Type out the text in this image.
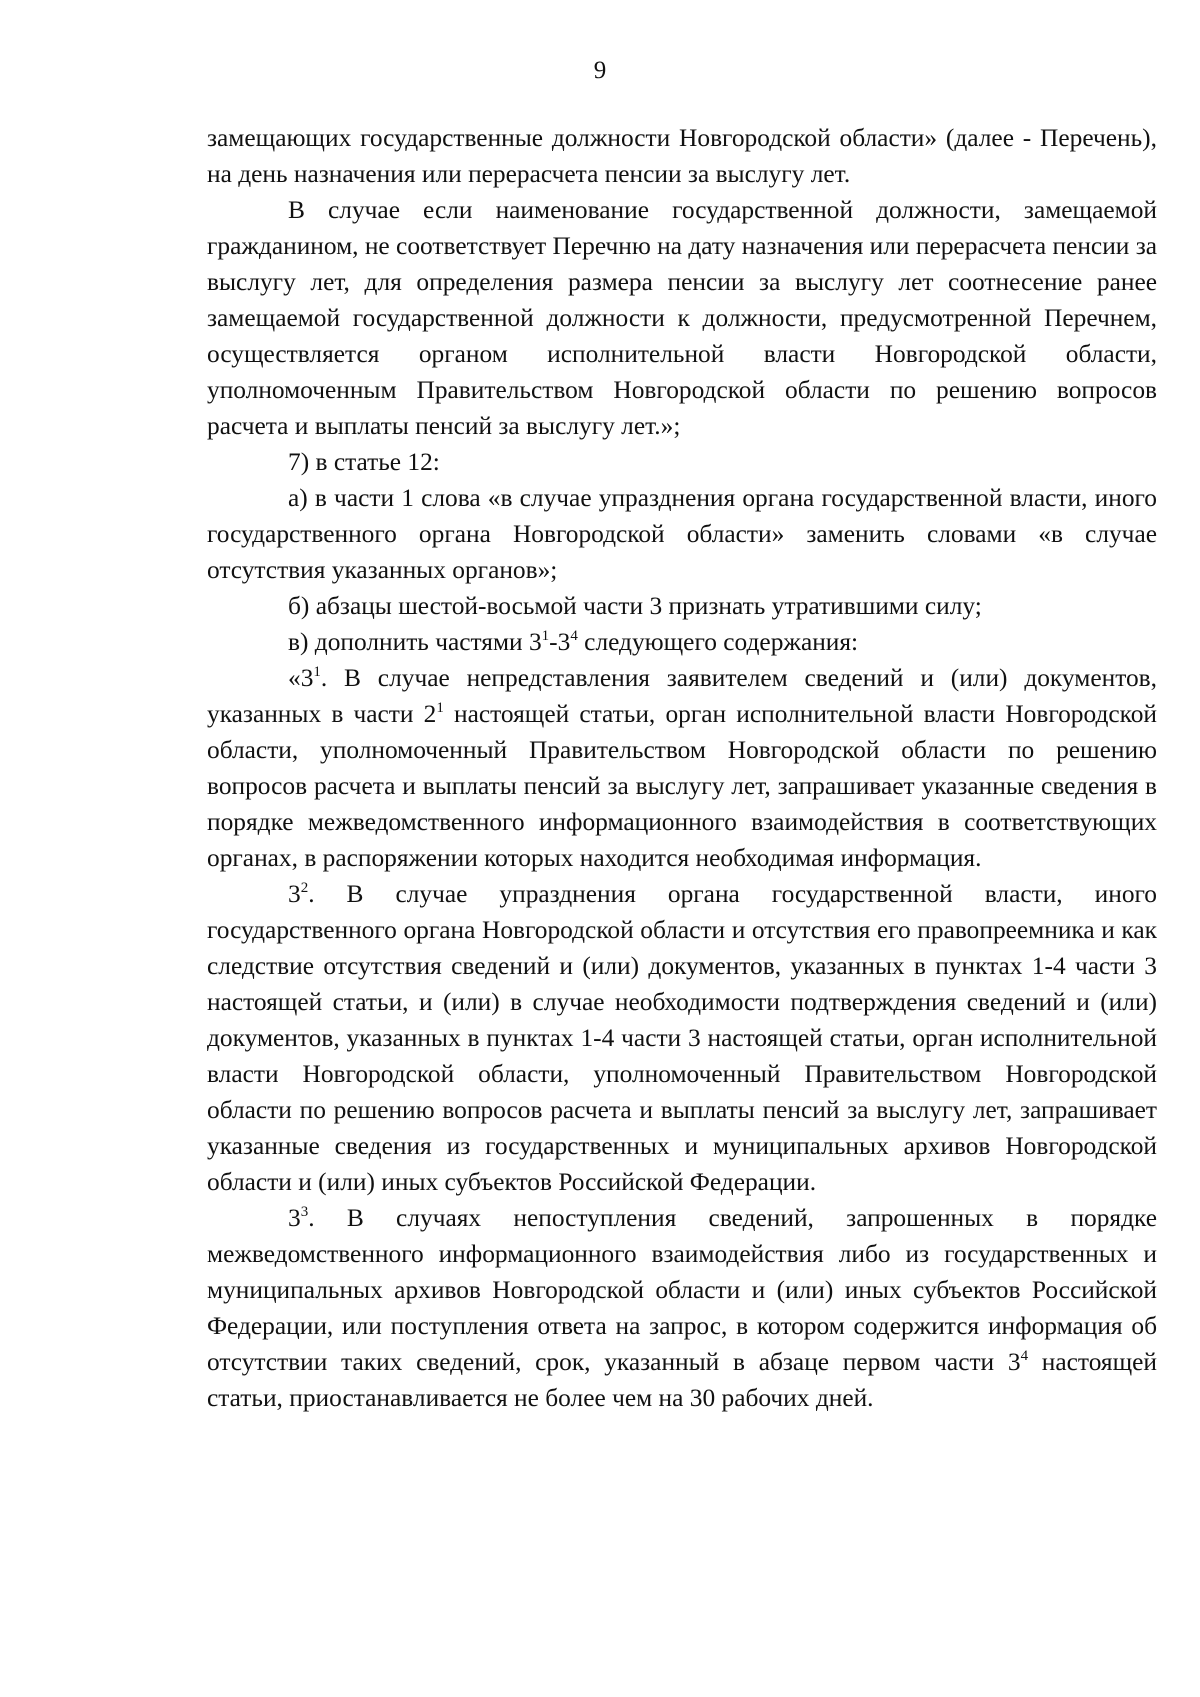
9

замещающих государственные должности Новгородской области» (далее - Перечень), на день назначения или перерасчета пенсии за выслугу лет.

В случае если наименование государственной должности, замещаемой гражданином, не соответствует Перечню на дату назначения или перерасчета пенсии за выслугу лет, для определения размера пенсии за выслугу лет соотнесение ранее замещаемой государственной должности к должности, предусмотренной Перечнем, осуществляется органом исполнительной власти Новгородской области, уполномоченным Правительством Новгородской области по решению вопросов расчета и выплаты пенсий за выслугу лет.»;

7) в статье 12:

а) в части 1 слова «в случае упразднения органа государственной власти, иного государственного органа Новгородской области» заменить словами «в случае отсутствия указанных органов»;

б) абзацы шестой-восьмой части 3 признать утратившими силу;

в) дополнить частями $3^1-3^4$ следующего содержания:

«$3^1$. В случае непредставления заявителем сведений и (или) документов, указанных в части $2^1$ настоящей статьи, орган исполнительной власти Новгородской области, уполномоченный Правительством Новгородской области по решению вопросов расчета и выплаты пенсий за выслугу лет, запрашивает указанные сведения в порядке межведомственного информационного взаимодействия в соответствующих органах, в распоряжении которых находится необходимая информация.

$3^2$. В случае упразднения органа государственной власти, иного государственного органа Новгородской области и отсутствия его правопреемника и как следствие отсутствия сведений и (или) документов, указанных в пунктах 1-4 части 3 настоящей статьи, и (или) в случае необходимости подтверждения сведений и (или) документов, указанных в пунктах 1-4 части 3 настоящей статьи, орган исполнительной власти Новгородской области, уполномоченный Правительством Новгородской области по решению вопросов расчета и выплаты пенсий за выслугу лет, запрашивает указанные сведения из государственных и муниципальных архивов Новгородской области и (или) иных субъектов Российской Федерации.

$3^3$. В случаях непоступления сведений, запрошенных в порядке межведомственного информационного взаимодействия либо из государственных и муниципальных архивов Новгородской области и (или) иных субъектов Российской Федерации, или поступления ответа на запрос, в котором содержится информация об отсутствии таких сведений, срок, указанный в абзаце первом части $3^4$ настоящей статьи, приостанавливается не более чем на 30 рабочих дней.
